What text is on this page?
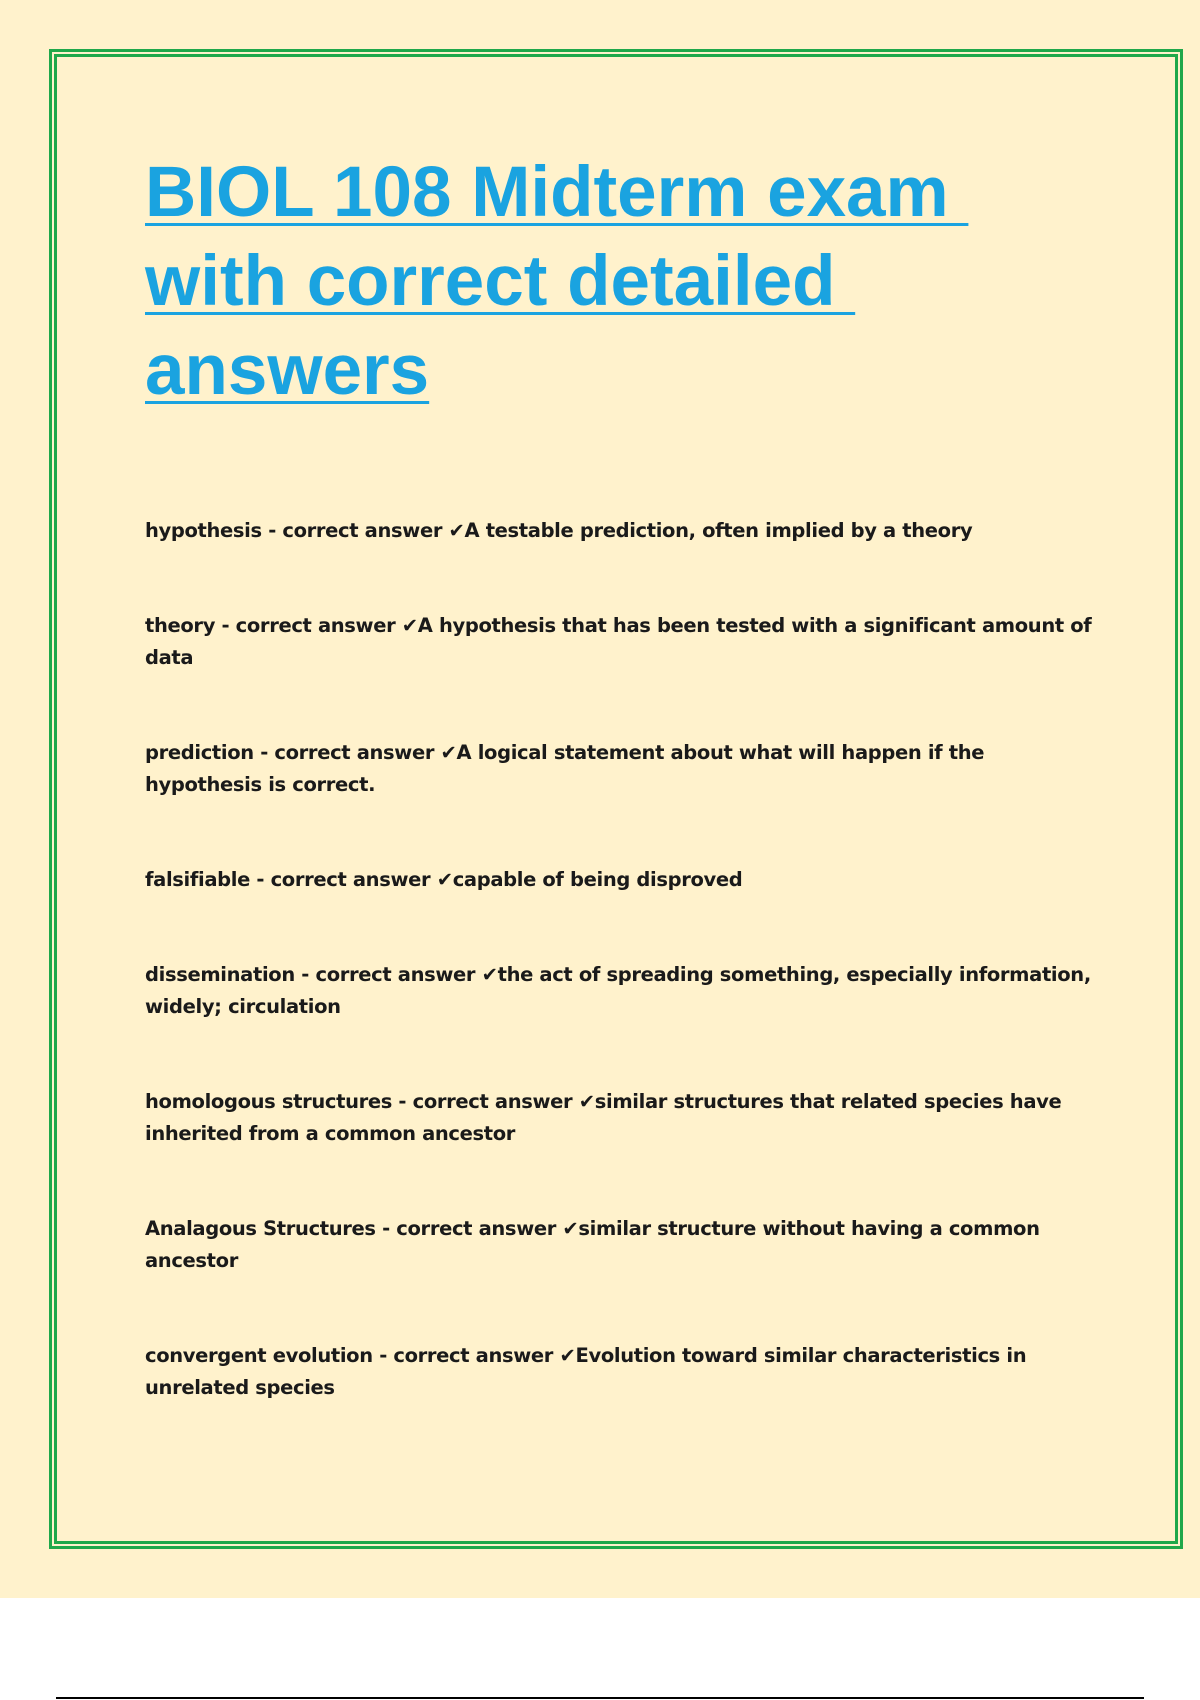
BIOL 108 Midterm exam
with correct detailed
answers
hypothesis - correct answer ✔A testable prediction, often implied by a theory
theory - correct answer ✔A hypothesis that has been tested with a significant amount of data
prediction - correct answer ✔A logical statement about what will happen if the hypothesis is correct.
falsifiable - correct answer ✔capable of being disproved
dissemination - correct answer ✔the act of spreading something, especially information, widely; circulation
homologous structures - correct answer ✔similar structures that related species have inherited from a common ancestor
Analagous Structures - correct answer ✔similar structure without having a common ancestor
convergent evolution - correct answer ✔Evolution toward similar characteristics in unrelated species
